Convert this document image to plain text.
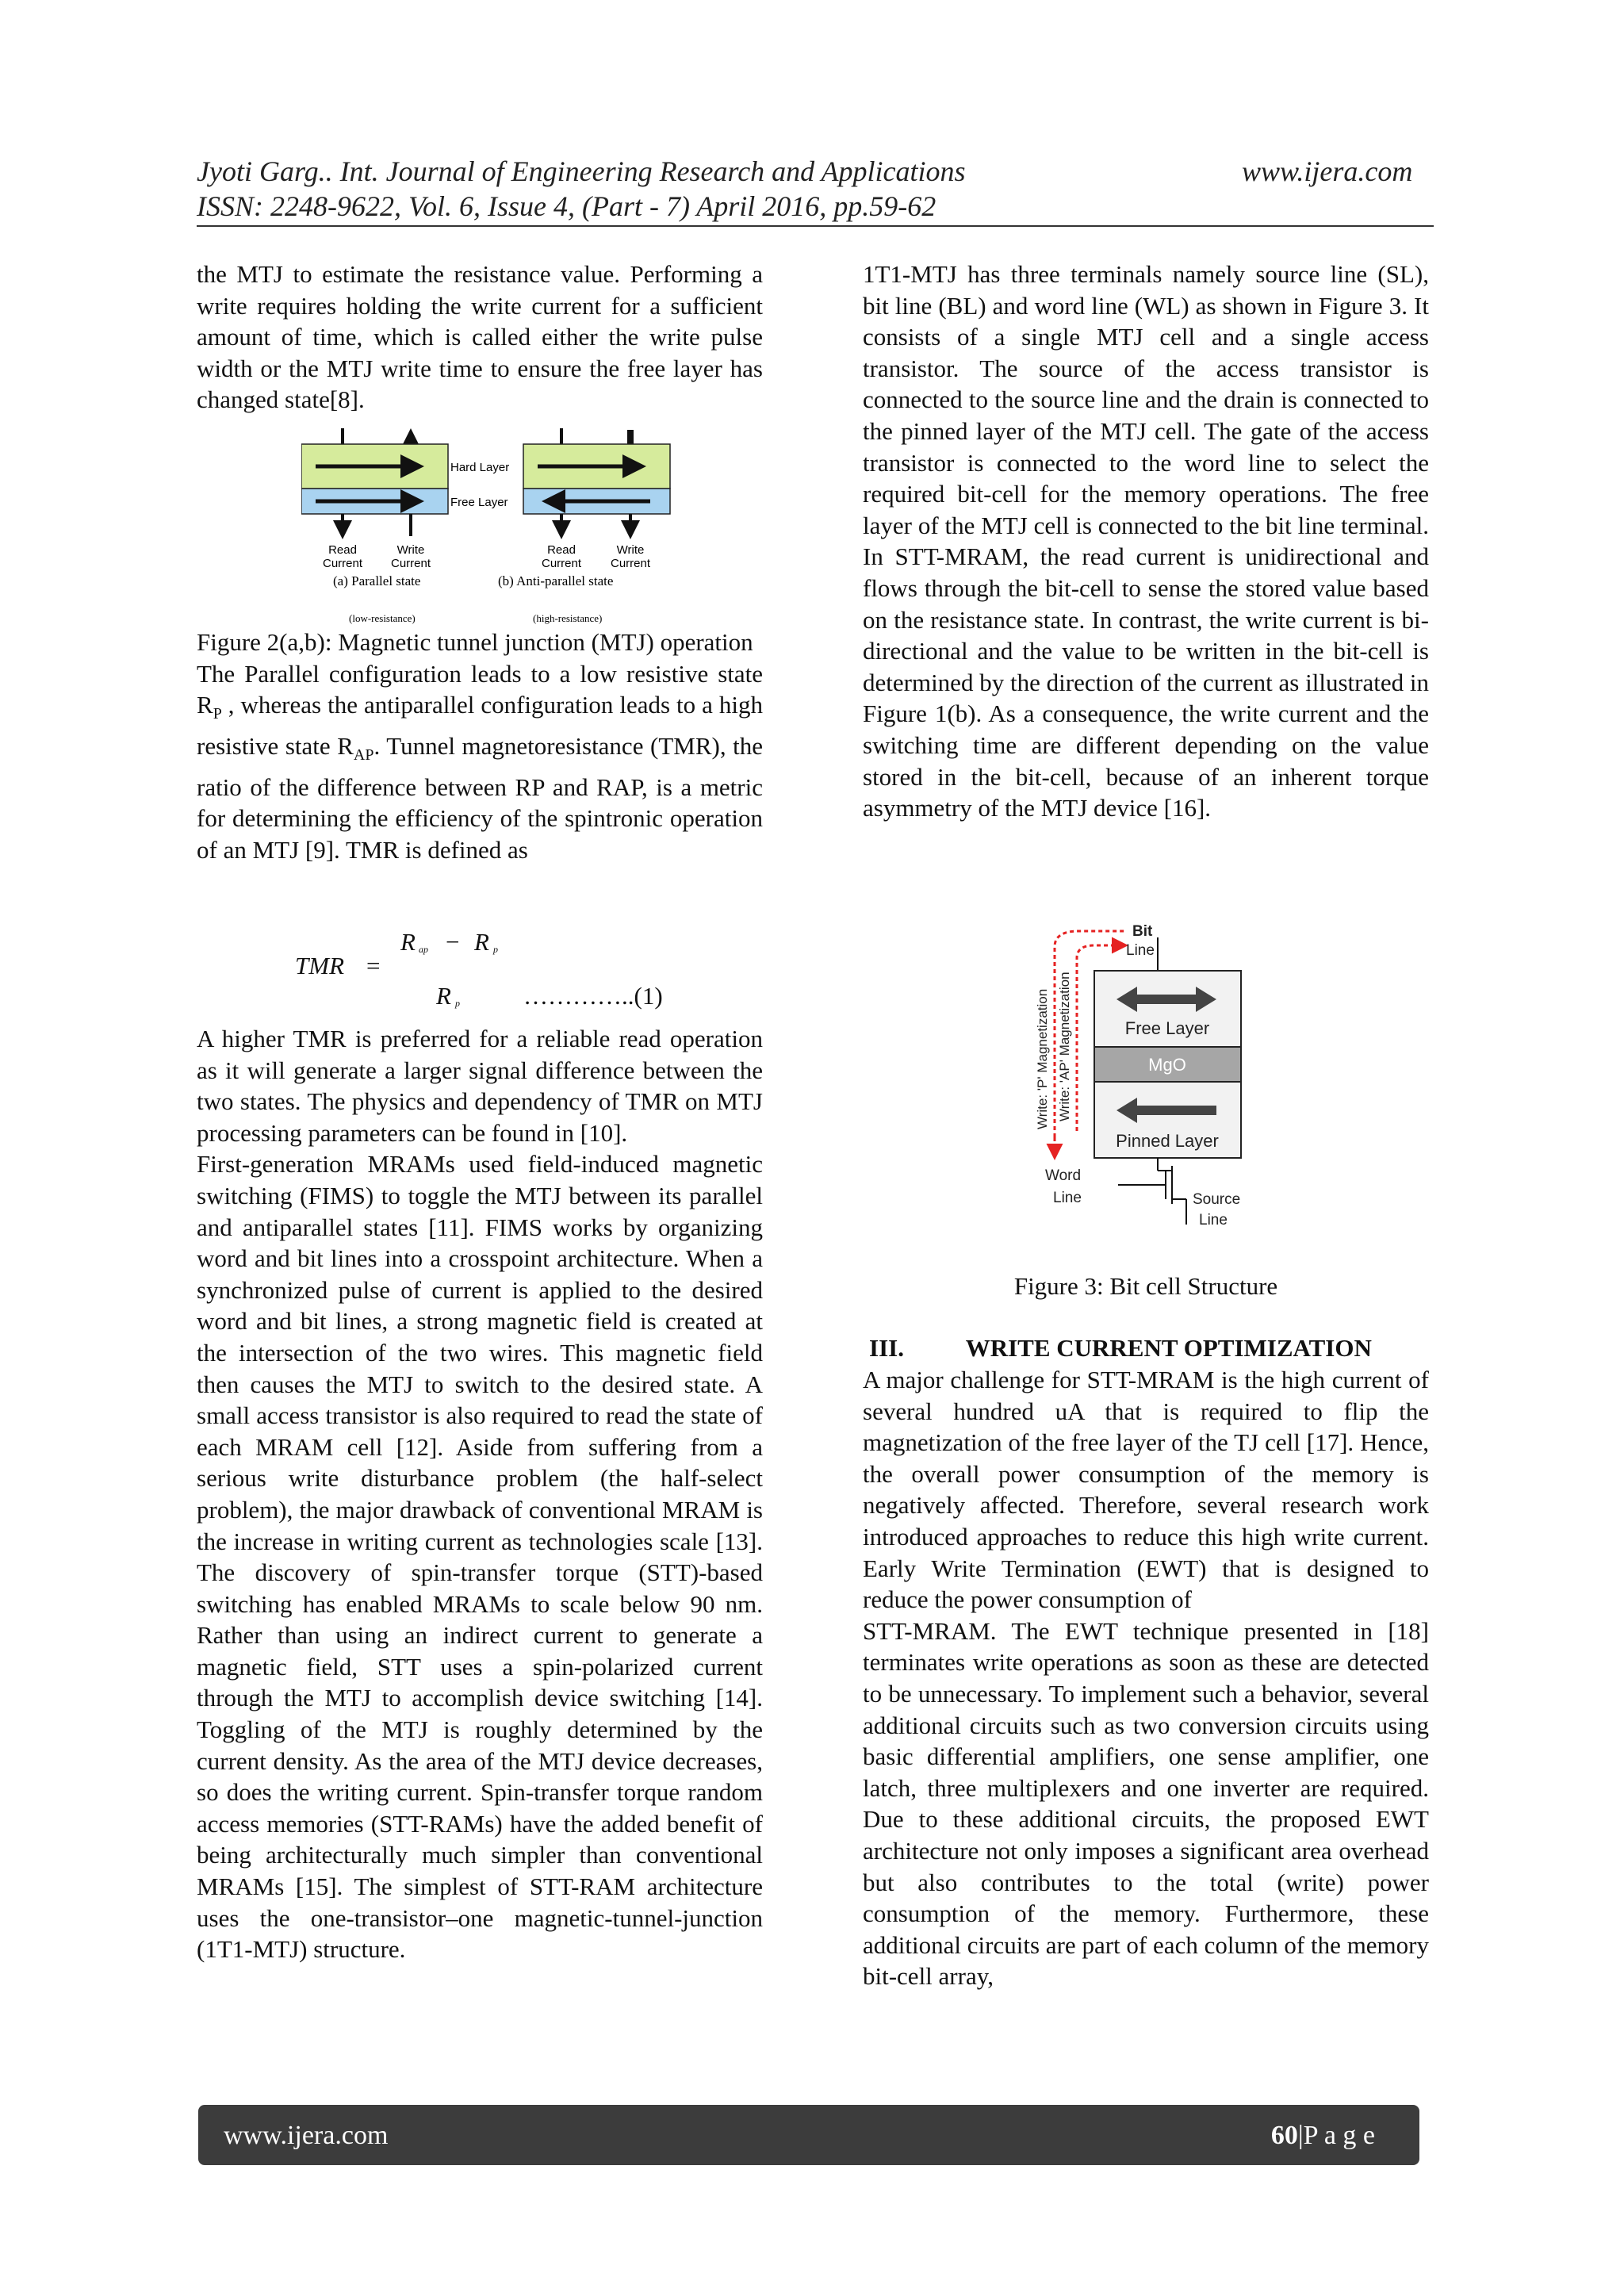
Jyoti Garg.. Int. Journal of Engineering Research and Applications	www.ijera.com
ISSN: 2248-9622, Vol. 6, Issue 4, (Part - 7) April 2016, pp.59-62

the MTJ to estimate the resistance value. Performing a write requires holding the write current for a sufficient amount of time, which is called either the write pulse width or the MTJ write time to ensure the free layer has changed state[8].

Hard Layer
Free Layer
Read
Current
Write
Current
Read
Current
Write
Current
(a) Parallel state	(b) Anti-parallel state
(low-resistance)	(high-resistance)

Figure 2(a,b): Magnetic tunnel junction (MTJ) operation

The Parallel configuration leads to a low resistive state $R_P$ , whereas the antiparallel configuration leads to a high resistive state $R_{AP}$. Tunnel magnetoresistance (TMR), the ratio of the difference between RP and RAP, is a metric for determining the efficiency of the spintronic operation of an MTJ [9]. TMR is defined as

TMR =
R ap − R p
R p	…………..(1)

A higher TMR is preferred for a reliable read operation as it will generate a larger signal difference between the two states. The physics and dependency of TMR on MTJ processing parameters can be found in [10].

First-generation MRAMs used field-induced magnetic switching (FIMS) to toggle the MTJ between its parallel and antiparallel states [11]. FIMS works by organizing word and bit lines into a crosspoint architecture. When a synchronized pulse of current is applied to the desired word and bit lines, a strong magnetic field is created at the intersection of the two wires. This magnetic field then causes the MTJ to switch to the desired state. A small access transistor is also required to read the state of each MRAM cell [12]. Aside from suffering from a serious write disturbance problem (the half-select problem), the major drawback of conventional MRAM is the increase in writing current as technologies scale [13]. The discovery of spin-transfer torque (STT)-based switching has enabled MRAMs to scale below 90 nm. Rather than using an indirect current to generate a magnetic field, STT uses a spin-polarized current through the MTJ to accomplish device switching [14]. Toggling of the MTJ is roughly determined by the current density. As the area of the MTJ device decreases, so does the writing current. Spin-transfer torque random access memories (STT-RAMs) have the added benefit of being architecturally much simpler than conventional MRAMs [15]. The simplest of STT-RAM architecture uses the one-transistor–one magnetic-tunnel-junction (1T1-MTJ) structure.

1T1-MTJ has three terminals namely source line (SL), bit line (BL) and word line (WL) as shown in Figure 3. It consists of a single MTJ cell and a single access transistor. The source of the access transistor is connected to the source line and the drain is connected to the pinned layer of the MTJ cell. The gate of the access transistor is connected to the word line to select the required bit-cell for the memory operations. The free layer of the MTJ cell is connected to the bit line terminal. In STT-MRAM, the read current is unidirectional and flows through the bit-cell to sense the stored value based on the resistance state. In contrast, the write current is bi-directional and the value to be written in the bit-cell is determined by the direction of the current as illustrated in Figure 1(b). As a consequence, the write current and the switching time are different depending on the value stored in the bit-cell, because of an inherent torque asymmetry of the MTJ device [16].

Write: 'P' Magnetization Write: 'AP' Magnetization
Bit
Line
Free Layer
MgO
Pinned Layer
Word
Line	Source
Line
Figure 3: Bit cell Structure
III.	WRITE CURRENT OPTIMIZATION

A major challenge for STT-MRAM is the high current of several hundred uA that is required to flip the magnetization of the free layer of the TJ cell [17]. Hence, the overall power consumption of the memory is negatively affected. Therefore, several research work introduced approaches to reduce this high write current. Early Write Termination (EWT) that is designed to reduce the power consumption of

STT-MRAM. The EWT technique presented in [18] terminates write operations as soon as these are detected to be unnecessary. To implement such a behavior, several additional circuits such as two conversion circuits using basic differential amplifiers, one sense amplifier, one latch, three multiplexers and one inverter are required. Due to these additional circuits, the proposed EWT architecture not only imposes a significant area overhead but also contributes to the total (write) power consumption of the memory. Furthermore, these additional circuits are part of each column of the memory bit-cell array,

www.ijera.com	60|P a g e
